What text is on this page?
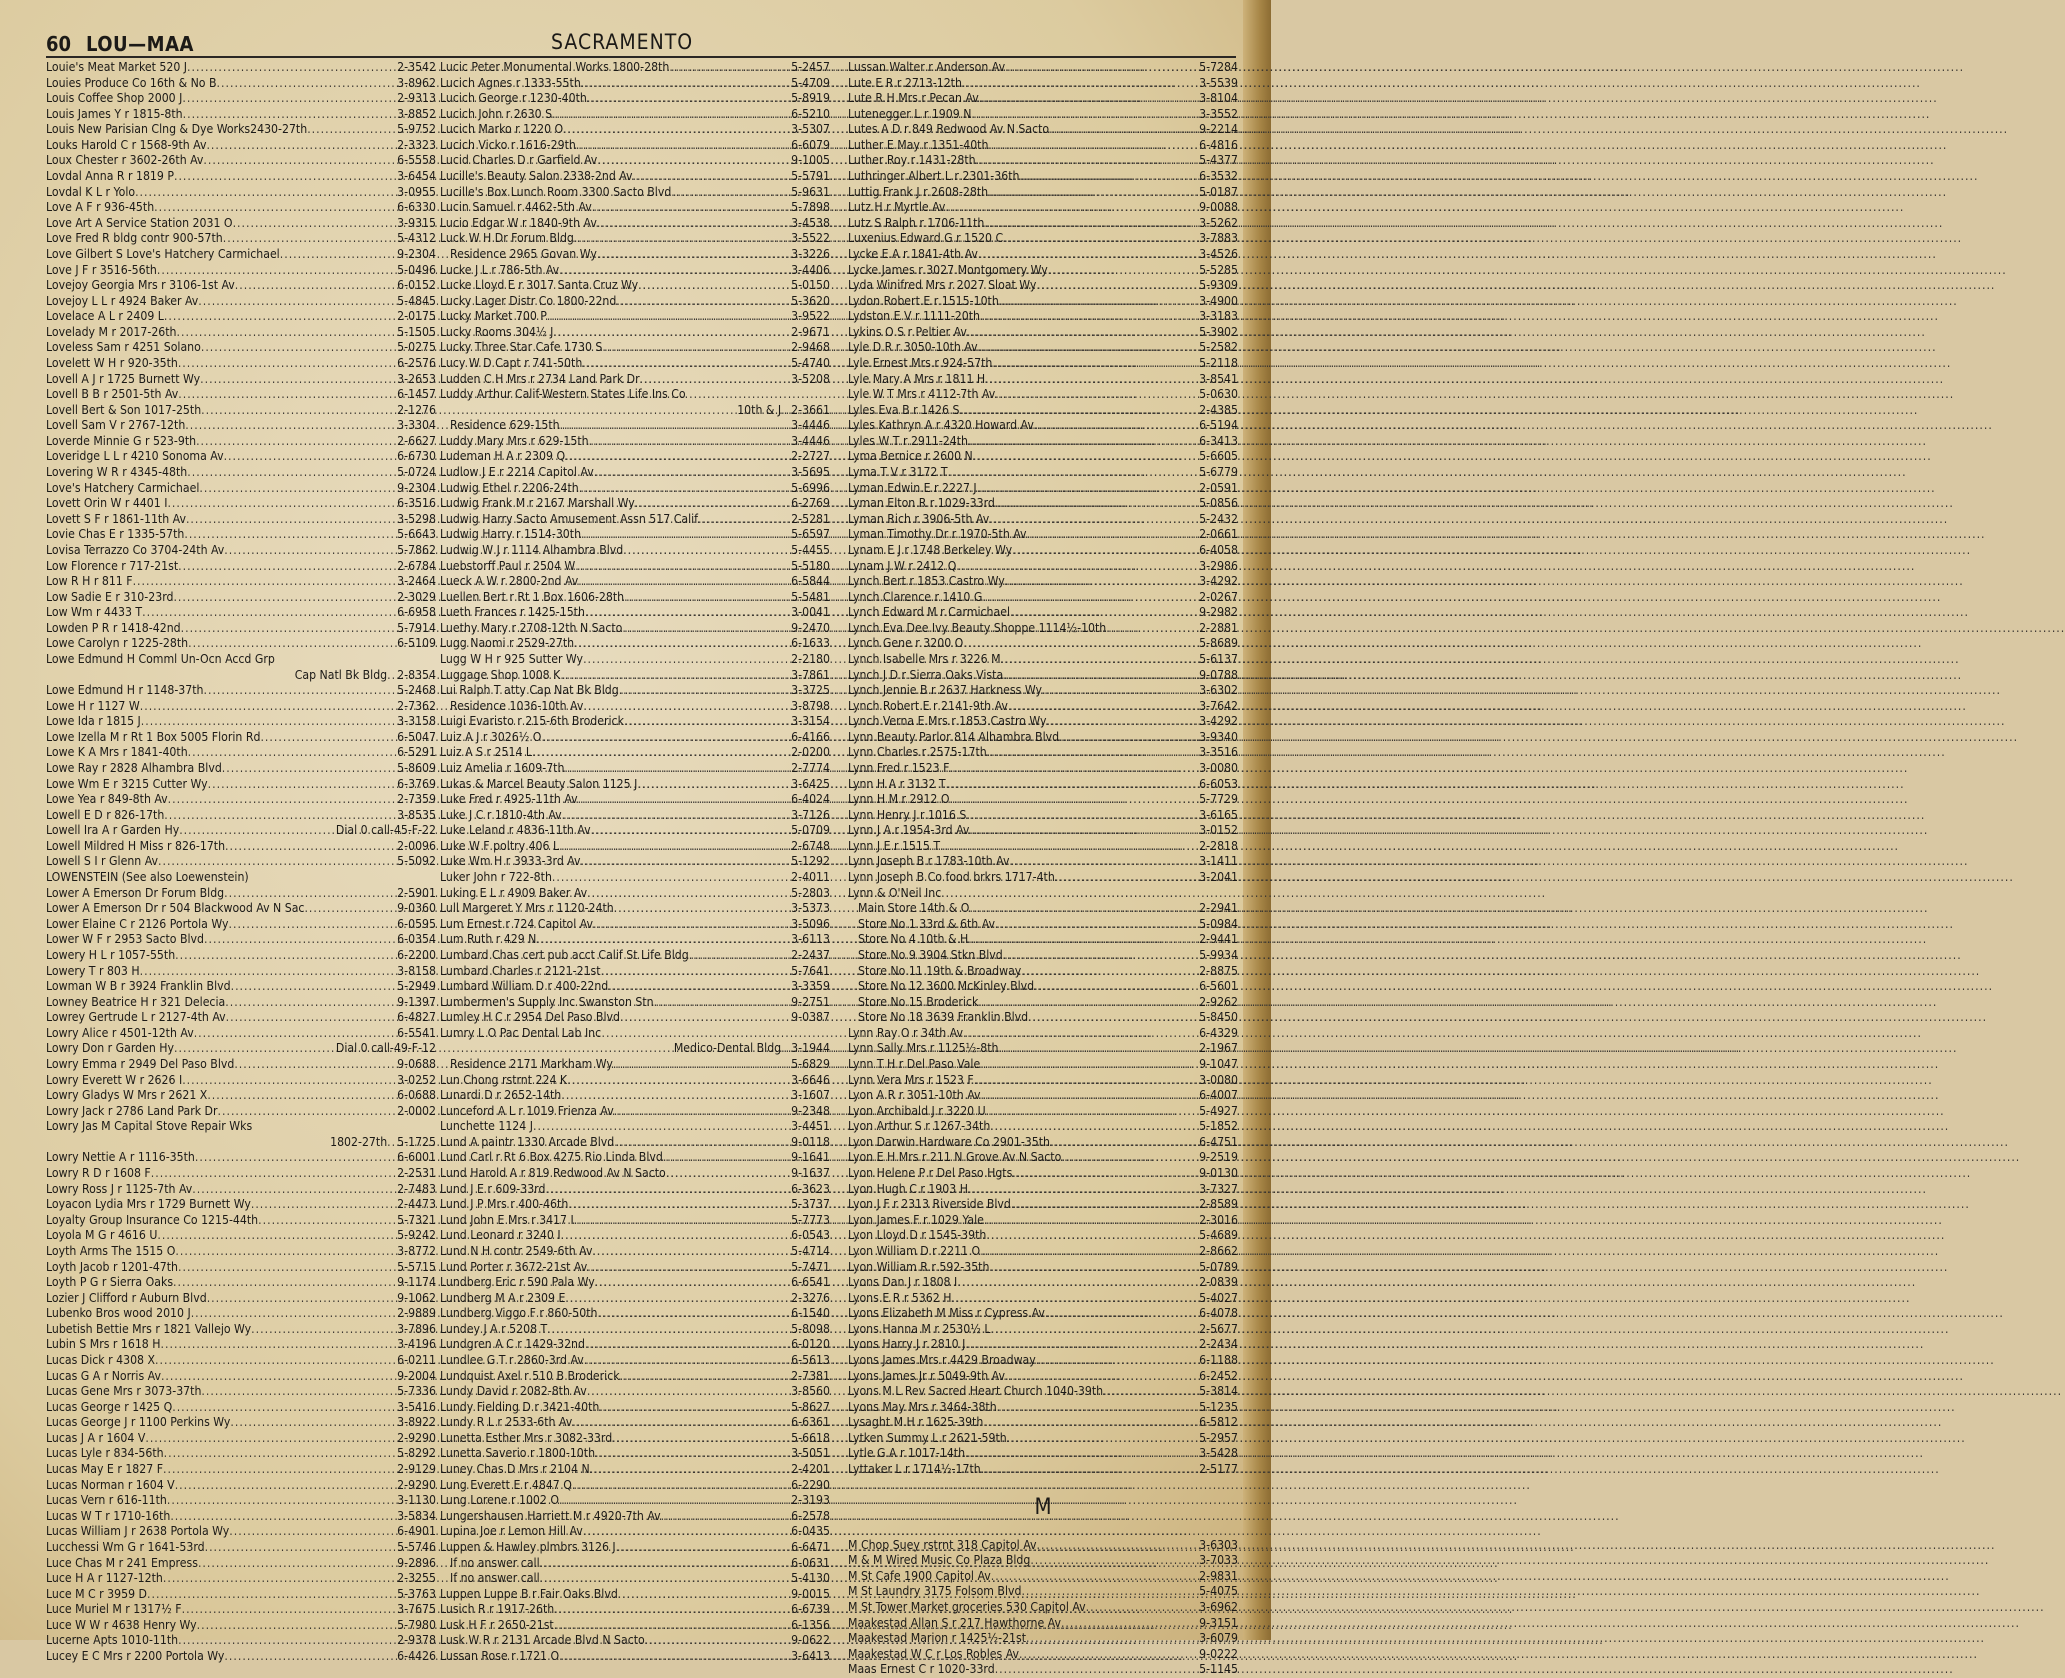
60 LOU—MAA	SACRAMENTO
Louie's Meat Market 520 J .....	2-3542
Louies Produce Co 16th & No B .....	3-8962
Louis Coffee Shop 2000 J .....	2-9313
Louis James Y r 1815-8th .....	3-8852
Louis New Parisian Clng & Dye Works2430-27th .....	5-9752
Louks Harold C r 1568-9th Av .....	2-3323
Loux Chester r 3602-26th Av .....	6-5558
Lovdal Anna R r 1819 P .....	3-6454
Lovdal K L r Yolo .....	3-0955
Love A F r 936-45th .....	6-6330
Love Art A Service Station 2031 O .....	3-9315
Love Fred R bldg contr 900-57th .....	5-4312
Love Gilbert S Love's Hatchery Carmichael .....	9-2304
Love J F r 3516-56th .....	5-0496
Lovejoy Georgia Mrs r 3106-1st Av .....	6-0152
Lovejoy L L r 4924 Baker Av .....	5-4845
Lovelace A L r 2409 L .....	2-0175
Lovelady M r 2017-26th .....	5-1505
Loveless Sam r 4251 Solano .....	5-0275
Lovelett W H r 920-35th .....	6-2576
Lovell A J r 1725 Burnett Wy .....	3-2653
Lovell B B r 2501-5th Av .....	6-1457
Lovell Bert & Son 1017-25th .....	2-1276
Lovell Sam V r 2767-12th .....	3-3304
Loverde Minnie G r 523-9th .....	2-6627
Loveridge L L r 4210 Sonoma Av .....	6-6730
Lovering W R r 4345-48th .....	5-0724
Love's Hatchery Carmichael .....	9-2304
Lovett Orin W r 4401 I .....	6-3516
Lovett S F r 1861-11th Av .....	3-5298
Lovie Chas E r 1335-57th .....	5-6643
Lovisa Terrazzo Co 3704-24th Av .....	5-7862
Low Florence r 717-21st .....	2-6784
Low R H r 811 F .....	3-2464
Low Sadie E r 310-23rd .....	2-3029
Low Wm r 4433 T .....	6-6958
Lowden P R r 1418-42nd .....	5-7914
Lowe Carolyn r 1225-28th .....	6-5109
Lowe Edmund H Comml Un-Ocn Accd Grp
Cap Natl Bk Bldg ..... 2-8354
Lowe Edmund H r 1148-37th .....	5-2468
Lowe H r 1127 W .....	2-7362
Lowe Ida r 1815 J .....	3-3158
Lowe Izella M r Rt 1 Box 5005 Florin Rd .....	6-5047
Lowe K A Mrs r 1841-40th .....	6-5291
Lowe Ray r 2828 Alhambra Blvd .....	5-8609
Lowe Wm E r 3215 Cutter Wy .....	6-3769
Lowe Yea r 849-8th Av .....	2-7359
Lowell E D r 826-17th .....	3-8535
Lowell Ira A r Garden Hy .....	Dial 0 call-45-F-22
Lowell Mildred H Miss r 826-17th .....	2-0096
Lowell S I r Glenn Av .....	5-5092
LOWENSTEIN (See also Loewenstein)
Lower A Emerson Dr Forum Bldg .....	2-5901
Lower A Emerson Dr r 504 Blackwood Av N Sac .....	9-0360
Lower Elaine C r 2126 Portola Wy .....	6-0595
Lower W F r 2953 Sacto Blvd .....	6-0354
Lowery H L r 1057-55th .....	6-2200
Lowery T r 803 H .....	3-8158
Lowman W B r 3924 Franklin Blvd .....	5-2949
Lowney Beatrice H r 321 Delecia .....	9-1397
Lowrey Gertrude L r 2127-4th Av .....	6-4827
Lowry Alice r 4501-12th Av .....	6-5541
Lowry Don r Garden Hy .....	Dial 0 call-49-F-12
Lowry Emma r 2949 Del Paso Blvd .....	9-0688
Lowry Everett W r 2626 I .....	3-0252
Lowry Gladys W Mrs r 2621 X .....	6-0688
Lowry Jack r 2786 Land Park Dr .....	2-0002
Lowry Jas M Capital Stove Repair Wks
1802-27th ..... 5-1725
Lowry Nettie A r 1116-35th .....	6-6001
Lowry R D r 1608 F .....	2-2531
Lowry Ross J r 1125-7th Av .....	2-7483
Loyacon Lydia Mrs r 1729 Burnett Wy .....	2-4473
Loyalty Group Insurance Co 1215-44th .....	5-7321
Loyola M G r 4616 U .....	5-9242
Loyth Arms The 1515 O .....	3-8772
Loyth Jacob r 1201-47th .....	5-5715
Loyth P G r Sierra Oaks .....	9-1174
Lozier J Clifford r Auburn Blvd .....	9-1062
Lubenko Bros wood 2010 J .....	2-9889
Lubetish Bettie Mrs r 1821 Vallejo Wy .....	3-7896
Lubin S Mrs r 1618 H .....	3-4196
Lucas Dick r 4308 X .....	6-0211
Lucas G A r Norris Av .....	9-2004
Lucas Gene Mrs r 3073-37th .....	5-7336
Lucas George r 1425 Q .....	3-5416
Lucas George J r 1100 Perkins Wy .....	3-8922
Lucas J A r 1604 V .....	2-9290
Lucas Lyle r 834-56th .....	5-8292
Lucas May E r 1827 F .....	2-9129
Lucas Norman r 1604 V .....	2-9290
Lucas Vern r 616-11th .....	3-1130
Lucas W T r 1710-16th .....	3-5834
Lucas William J r 2638 Portola Wy .....	6-4901
Lucchessi Wm G r 1641-53rd .....	5-5746
Luce Chas M r 241 Empress .....	9-2896
Luce H A r 1127-12th .....	2-3255
Luce M C r 3959 D .....	5-3763
Luce Muriel M r 1317½ F .....	3-7675
Luce W W r 4638 Henry Wy .....	5-7980
Lucerne Apts 1010-11th .....	2-9378
Lucey E C Mrs r 2200 Portola Wy .....	6-4426
Lucic Peter Monumental Works 1800-28th .....	5-2457
Lucich Agnes r 1333-55th .....	5-4709
Lucich George r 1230-40th .....	5-8919
Lucich John r 2630 S .....	6-5210
Lucich Marko r 1220 O .....	3-5307
Lucich Vicko r 1616-29th .....	6-6079
Lucid Charles D r Garfield Av .....	9-1005
Lucille's Beauty Salon 2338-2nd Av .....	5-5791
Lucille's Box Lunch Room 3300 Sacto Blvd .....	5-9631
Lucin Samuel r 4462-5th Av .....	5-7898
Lucio Edgar W r 1840-9th Av .....	3-4538
Luck W H Dr Forum Bldg .....	3-5522
Residence 2965 Govan Wy .....	3-3226
Lucke J L r 786-5th Av .....	3-4406
Lucke Lloyd E r 3017 Santa Cruz Wy .....	5-0150
Lucky Lager Distr Co 1800-22nd .....	5-3620
Lucky Market 700 P .....	3-9522
Lucky Rooms 304½ J .....	2-9671
Lucky Three Star Cafe 1730 S .....	2-9468
Lucy W D Capt r 741-50th .....	5-4740
Ludden C H Mrs r 2734 Land Park Dr .....	3-5208
Luddy Arthur Calif-Western States Life Ins Co
10th & J ..... 2-3661
Residence 629-15th .....	3-4446
Luddy Mary Mrs r 629-15th .....	3-4446
Ludeman H A r 2309 Q .....	2-2727
Ludlow J E r 2214 Capitol Av .....	3-5695
Ludwig Ethel r 2206-24th .....	5-6996
Ludwig Frank M r 2167 Marshall Wy .....	6-2769
Ludwig Harry Sacto Amusement Assn 517 Calif .....	2-5281
Ludwig Harry r 1514-30th .....	5-6597
Ludwig W J r 1114 Alhambra Blvd .....	5-4455
Luebstorff Paul r 2504 W .....	5-5180
Lueck A W r 2800-2nd Av .....	6-5844
Luellen Bert r Rt 1 Box 1606-28th .....	5-5481
Lueth Frances r 1425-15th .....	3-0041
Luethy Mary r 2708-12th N Sacto .....	9-2470
Lugg Naomi r 2529-27th .....	6-1633
Lugg W H r 925 Sutter Wy .....	2-2180
Luggage Shop 1008 K .....	3-7861
Lui Ralph T atty Cap Nat Bk Bldg .....	3-3725
Residence 1036-10th Av .....	3-8798
Luigi Evaristo r 215-6th Broderick .....	3-3154
Luiz A J r 3026½ O .....	6-4166
Luiz A S r 2514 L .....	2-0200
Luiz Amelia r 1609-7th .....	2-7774
Lukas & Marcel Beauty Salon 1125 J .....	3-6425
Luke Fred r 4925-11th Av .....	6-4024
Luke J C r 1810-4th Av .....	3-7126
Luke Leland r 4836-11th Av .....	5-0709
Luke W F poltry 406 L .....	2-6748
Luke Wm H r 3933-3rd Av .....	5-1292
Luker John r 722-8th .....	2-4011
Luking E L r 4909 Baker Av .....	5-2803
Lull Margeret Y Mrs r 1120-24th .....	3-5373
Lum Ernest r 724 Capitol Av .....	3-5096
Lum Ruth r 429 N .....	3-6113
Lumbard Chas cert pub acct Calif St Life Bldg .....	2-2437
Lumbard Charles r 2121-21st .....	5-7641
Lumbard William D r 400-22nd .....	3-3359
Lumbermen's Supply Inc Swanston Stn .....	9-2751
Lumley H C r 2954 Del Paso Blvd .....	9-0387
Lumry L O Pac Dental Lab Inc
Medico-Dental Bldg ..... 3-1944
Residence 2171 Markham Wy .....	5-6829
Lun Chong rstrnt 224 K .....	3-6646
Lunardi D r 2652-14th .....	3-1607
Lunceford A L r 1019 Frienza Av .....	9-2348
Lunchette 1124 J .....	3-4451
Lund A paintr 1330 Arcade Blvd .....	9-0118
Lund Carl r Rt 6 Box 4275 Rio Linda Blvd .....	9-1641
Lund Harold A r 819 Redwood Av N Sacto .....	9-1637
Lund J E r 609-33rd .....	6-3623
Lund J P Mrs r 400-46th .....	5-3737
Lund John E Mrs r 3417 I .....	5-7773
Lund Leonard r 3240 I .....	6-0543
Lund N H contr 2549-6th Av .....	5-4714
Lund Porter r 3672-21st Av .....	5-7471
Lundberg Eric r 590 Pala Wy .....	6-6541
Lundberg M A r 2309 E .....	2-3276
Lundberg Viggo F r 860-50th .....	6-1540
Lundey J A r 5208 T .....	5-8098
Lundgren A C r 1429-32nd .....	6-0120
Lundlee G T r 2860-3rd Av .....	6-5613
Lundquist Axel r 510 B Broderick .....	2-7381
Lundy David r 2082-8th Av .....	3-8560
Lundy Fielding D r 3421-40th .....	5-8627
Lundy R L r 2533-6th Av .....	6-6361
Lunetta Esther Mrs r 3082-33rd .....	5-6618
Lunetta Saverio r 1800-10th .....	3-5051
Luney Chas D Mrs r 2104 N .....	2-4201
Lung Everett E r 4847 Q .....	6-2290
Lung Lorene r 1002 O .....	2-3193
Lungershausen Harriett M r 4920-7th Av .....	6-2578
Lupina Joe r Lemon Hill Av .....	6-0435
Luppen & Hawley plmbrs 3126 J .....	6-6471
If no answer call .....	6-0631
If no answer call .....	5-4130
Luppen Luppe B r Fair Oaks Blvd .....	9-0015
Lusich R r 1917-26th .....	6-6739
Lusk H F r 2650-21st .....	6-1356
Lusk W R r 2131 Arcade Blvd N Sacto .....	9-0622
Lussan Rose r 1721 O .....	3-6413
Lussan Walter r Anderson Av .....	5-7284
Lute E R r 2713-12th .....	3-5539
Lute R H Mrs r Pecan Av .....	3-8104
Lutenegger L r 1909 N .....	3-3552
Lutes A D r 849 Redwood Av N Sacto .....	9-2214
Luther E May r 1351-40th .....	6-4816
Luther Roy r 1431-28th .....	5-4377
Luthringer Albert L r 2301-36th .....	6-3532
Luttig Frank J r 2608-28th .....	5-0187
Lutz H r Myrtle Av .....	9-0088
Lutz S Ralph r 1706-11th .....	3-5262
Luxenius Edward G r 1520 C .....	3-7883
Lycke E A r 1841-4th Av .....	3-4526
Lycke James r 3027 Montgomery Wy .....	5-5285
Lyda Winifred Mrs r 2027 Sloat Wy .....	5-9309
Lydon Robert E r 1515-10th .....	3-4900
Lydston E V r 1111-20th .....	3-3183
Lykins O S r Peltier Av .....	5-3902
Lyle D R r 3050-10th Av .....	5-2582
Lyle Ernest Mrs r 924-57th .....	5-2118
Lyle Mary A Mrs r 1811 H .....	3-8541
Lyle W T Mrs r 4112-7th Av .....	5-0630
Lyles Eva B r 1426 S .....	2-4385
Lyles Kathryn A r 4320 Howard Av .....	6-5194
Lyles W T r 2911-24th .....	6-3413
Lyma Bernice r 2600 N .....	5-6605
Lyma T V r 3172 T .....	5-6779
Lyman Edwin E r 2227 J .....	2-0591
Lyman Elton R r 1029-33rd .....	5-0856
Lyman Rich r 3906-5th Av .....	5-2432
Lyman Timothy Dr r 1970-5th Av .....	2-0661
Lynam E J r 1748 Berkeley Wy .....	6-4058
Lynam J W r 2412 Q .....	3-2986
Lynch Bert r 1853 Castro Wy .....	3-4292
Lynch Clarence r 1410 G .....	2-0267
Lynch Edward M r Carmichael .....	9-2982
Lynch Eva Dee Ivy Beauty Shoppe 1114½-10th .....	2-2881
Lynch Gene r 3200 O .....	5-8689
Lynch Isabelle Mrs r 3226 M .....	5-6137
Lynch J D r Sierra Oaks Vista .....	9-0788
Lynch Jennie B r 2637 Harkness Wy .....	3-6302
Lynch Robert E r 2141-9th Av .....	3-7642
Lynch Verna E Mrs r 1853 Castro Wy .....	3-4292
Lynn Beauty Parlor 814 Alhambra Blvd .....	3-9340
Lynn Charles r 2575-17th .....	3-3516
Lynn Fred r 1523 F .....	3-0080
Lynn H A r 3132 T .....	6-6053
Lynn H M r 2912 O .....	5-7729
Lynn Henry J r 1016 S .....	3-6165
Lynn J A r 1954-3rd Av .....	3-0152
Lynn J E r 1515 T .....	2-2818
Lynn Joseph B r 1783-10th Av .....	3-1411
Lynn Joseph B Co food brkrs 1717-4th .....	3-2041
Lynn & O'Neil Inc
Main Store 14th & O .....	2-2941
Store No 1 33rd & 6th Av .....	5-0984
Store No 4 10th & H .....	2-9441
Store No 9 3904 Stkn Blvd .....	5-9934
Store No 11 19th & Broadway .....	2-8875
Store No 12 3600 McKinley Blvd .....	6-5601
Store No 15 Broderick .....	2-9262
Store No 18 3639 Franklin Blvd .....	5-8450
Lynn Ray O r 34th Av .....	6-4329
Lynn Sally Mrs r 1125½-8th .....	2-1967
Lynn T H r Del Paso Vale .....	9-1047
Lynn Vera Mrs r 1523 F .....	3-0080
Lyon A R r 3051-10th Av .....	6-4007
Lyon Archibald J r 3220 U .....	5-4927
Lyon Arthur S r 1267-34th .....	5-1852
Lyon Darwin Hardware Co 2901-35th .....	6-4751
Lyon E H Mrs r 211 N Grove Av N Sacto .....	9-2519
Lyon Helene P r Del Paso Hgts .....	9-0130
Lyon Hugh C r 1903 H .....	3-7327
Lyon J F r 2313 Riverside Blvd .....	2-8589
Lyon James F r 1029 Yale .....	2-3016
Lyon Lloyd D r 1545-39th .....	5-4689
Lyon William D r 2211 O .....	2-8662
Lyon William R r 592-35th .....	5-0789
Lyons Dan J r 1808 I .....	2-0839
Lyons E R r 5362 H .....	5-4027
Lyons Elizabeth M Miss r Cypress Av .....	6-4078
Lyons Hanna M r 2530½ L .....	2-5677
Lyons Harry J r 2810 J .....	2-2434
Lyons James Mrs r 4429 Broadway .....	6-1188
Lyons James Jr r 5049-9th Av .....	6-2452
Lyons M L Rev Sacred Heart Church 1040-39th .....	5-3814
Lyons May Mrs r 3464-38th .....	5-1235
Lysaght M H r 1625-39th .....	6-5812
Lytken Summy L r 2621-59th .....	5-2957
Lytle G A r 1017-14th .....	3-5428
Lyttaker L r 1714½-17th .....	2-5177
M
M Chop Suey rstrnt 318 Capitol Av .....	3-6303
M & M Wired Music Co Plaza Bldg .....	3-7033
M St Cafe 1900 Capitol Av .....	2-9831
M St Laundry 3175 Folsom Blvd .....	5-4075
M St Tower Market groceries 530 Capitol Av .....	3-6962
Maakestad Allan S r 217 Hawthorne Av .....	9-3151
Maakestad Marion r 1425½-21st .....	3-6079
Maakestad W C r Los Robles Av .....	9-0222
Maas Ernest C r 1020-33rd .....	5-1145
